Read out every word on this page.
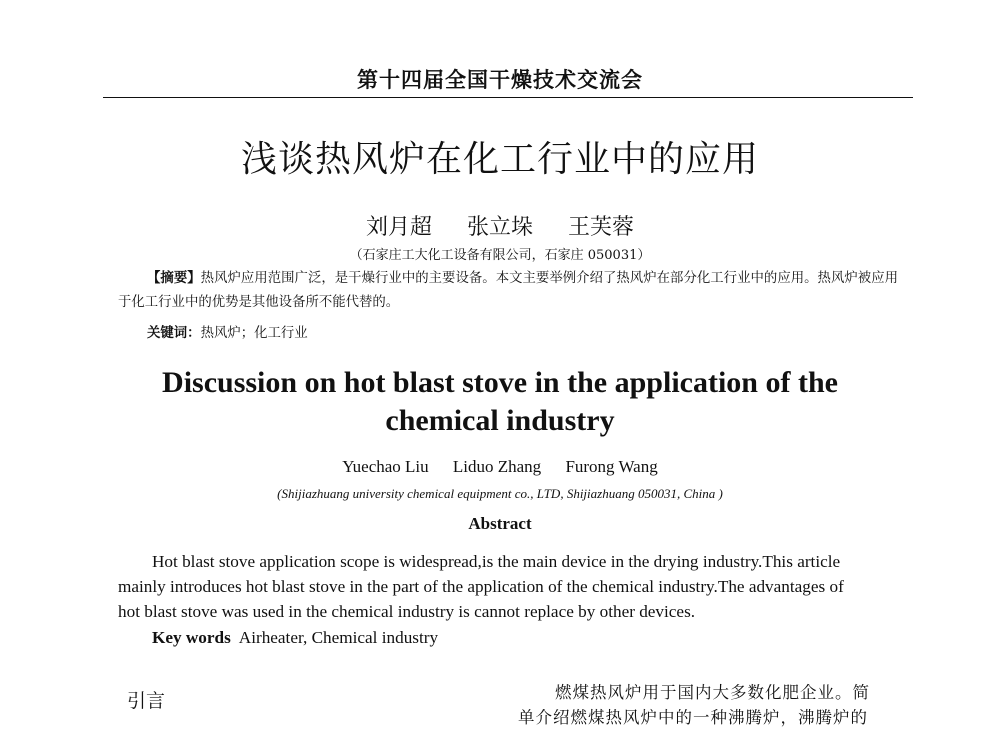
第十四届全国干燥技术交流会
浅谈热风炉在化工行业中的应用
刘月超 张立垛 王芙蓉
（石家庄工大化工设备有限公司，石家庄 050031）
【摘要】热风炉应用范围广泛，是干燥行业中的主要设备。本文主要举例介绍了热风炉在部分化工行业中的应用。热风炉被应用于化工行业中的优势是其他设备所不能代替的。
关键词：热风炉；化工行业
Discussion on hot blast stove in the application of the chemical industry
Yuechao Liu Liduo Zhang Furong Wang
(Shijiazhuang university chemical equipment co., LTD, Shijiazhuang 050031, China )
Abstract
Hot blast stove application scope is widespread,is the main device in the drying industry.This article mainly introduces hot blast stove in the part of the application of the chemical industry.The advantages of hot blast stove was used in the chemical industry is cannot replace by other devices.
Key words Airheater, Chemical industry
引言	燃煤热风炉用于国内大多数化肥企业。简单介绍燃煤热风炉中的一种沸腾炉，沸腾炉的
